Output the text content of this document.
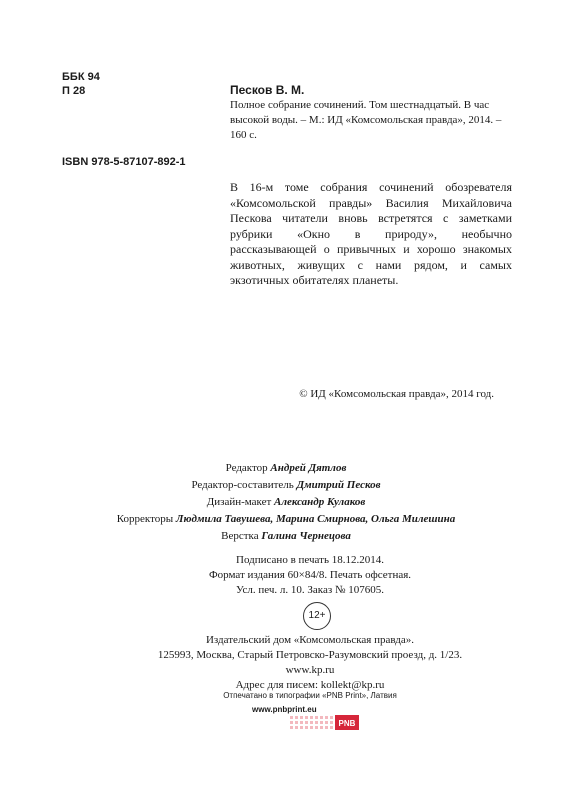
ББК 94
П 28	Песков В. М.
Полное собрание сочинений. Том шестнадцатый. В час высокой воды. – М.: ИД «Комсомольская правда», 2014. – 160 с.
ISBN 978-5-87107-892-1
В 16-м томе собрания сочинений обозревателя «Комсомольской правды» Василия Михайловича Пескова читатели вновь встретятся с заметками рубрики «Окно в природу», необычно рассказывающей о привычных и хорошо знакомых животных, живущих с нами рядом, и самых экзотичных обитателях планеты.
© ИД «Комсомольская правда», 2014 год.
Редактор Андрей Дятлов
Редактор-составитель Дмитрий Песков
Дизайн-макет Александр Кулаков
Корректоры Людмила Тавушева, Марина Смирнова, Ольга Милешина
Верстка Галина Чернецова
Подписано в печать 18.12.2014.
Формат издания 60×84/8. Печать офсетная.
Усл. печ. л. 10. Заказ № 107605.
12+
Издательский дом «Комсомольская правда».
125993, Москва, Старый Петровско-Разумовский проезд, д. 1/23.
www.kp.ru
Адрес для писем: kollekt@kp.ru
Отпечатано в типографии «PNB Print», Латвия
www.pnbprint.eu
PNB
